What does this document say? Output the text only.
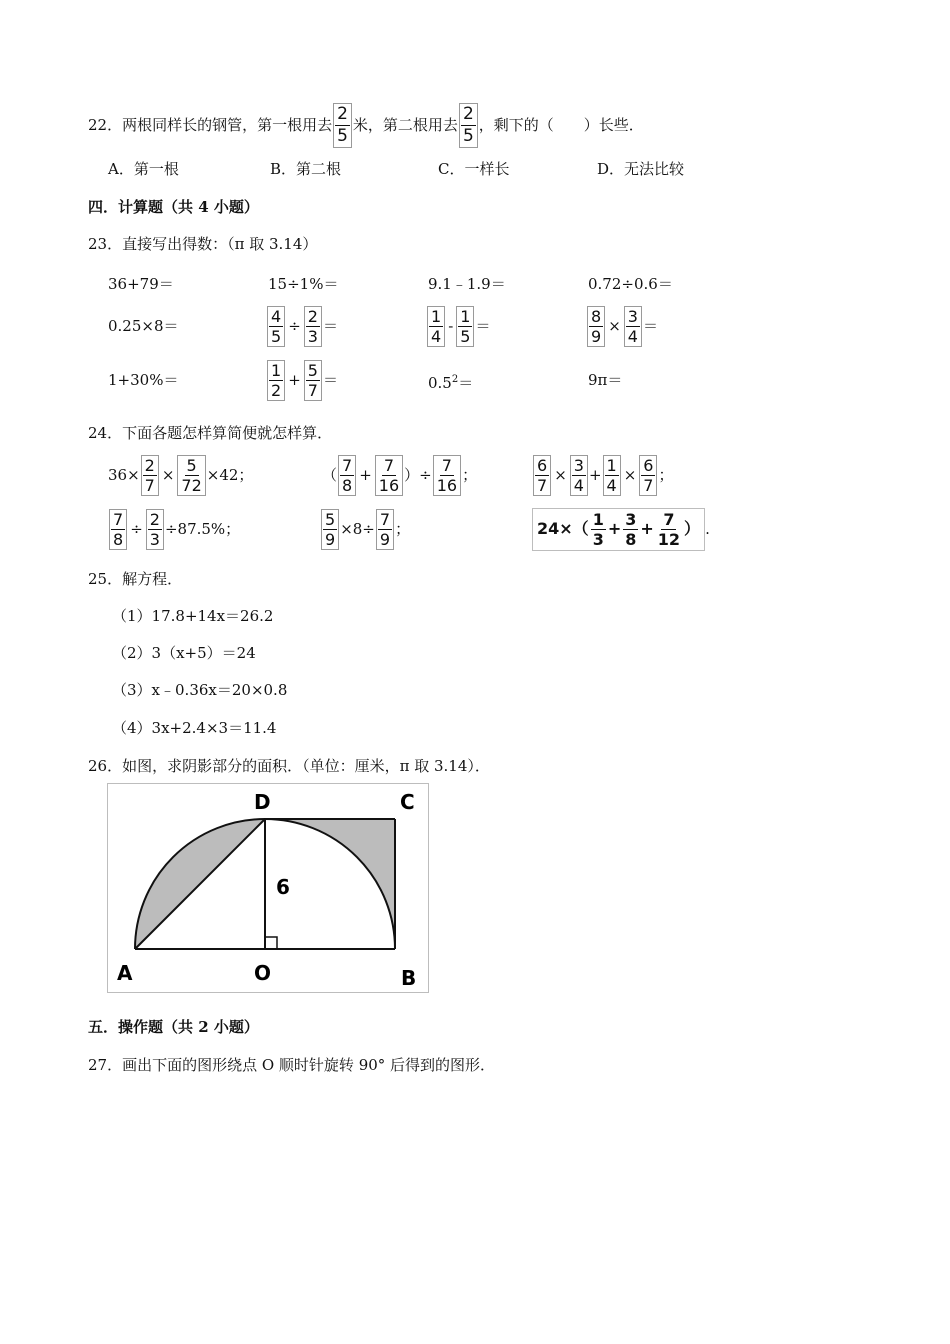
22．两根同样长的钢管，第一根用去 $\frac{2}{5}$ 米，第二根用去 $\frac{2}{5}$ ，剩下的（　　）长些．
A．第一根	B．第二根	C．一样长	D．无法比较
四．计算题（共 4 小题）
23．直接写出得数：（π 取 3.14）
36+79＝	15÷1%＝	9.1﹣1.9＝	0.72÷0.6＝
0.25×8＝	$\frac{4}{5} \div \frac{2}{3}$ ＝	$\frac{1}{4} - \frac{1}{5}$ ＝	$\frac{8}{9} \times \frac{3}{4}$ ＝
1+30%＝	$\frac{1}{2} + \frac{5}{7}$ ＝	$0.5^2=$	9π＝
24．下面各题怎样算简便就怎样算．
$36\times \frac{2}{7} \times \frac{5}{72} \times 42$；	（ $\frac{7}{8} + \frac{7}{16}$ ）÷ $\frac{7}{16}$ ；	$\frac{6}{7} \times \frac{3}{4} + \frac{1}{4} \times \frac{6}{7}$ ；
$\frac{7}{8} \div \frac{2}{3} \div 87.5\%$；	$\frac{5}{9} \times 8\div \frac{7}{9}$ ；	$24\times( \frac{1}{3} + \frac{3}{8} + \frac{7}{12}$ ） .
25．解方程．
（1）17.8+14x＝26.2
（2）3（x+5）＝24
（3）x﹣0.36x＝20×0.8
（4）3x+2.4×3＝11.4
26．如图，求阴影部分的面积．（单位：厘米，π 取 3.14）．
A	O	B
D	C
6
五．操作题（共 2 小题）
27．画出下面的图形绕点 O 顺时针旋转 90° 后得到的图形．
